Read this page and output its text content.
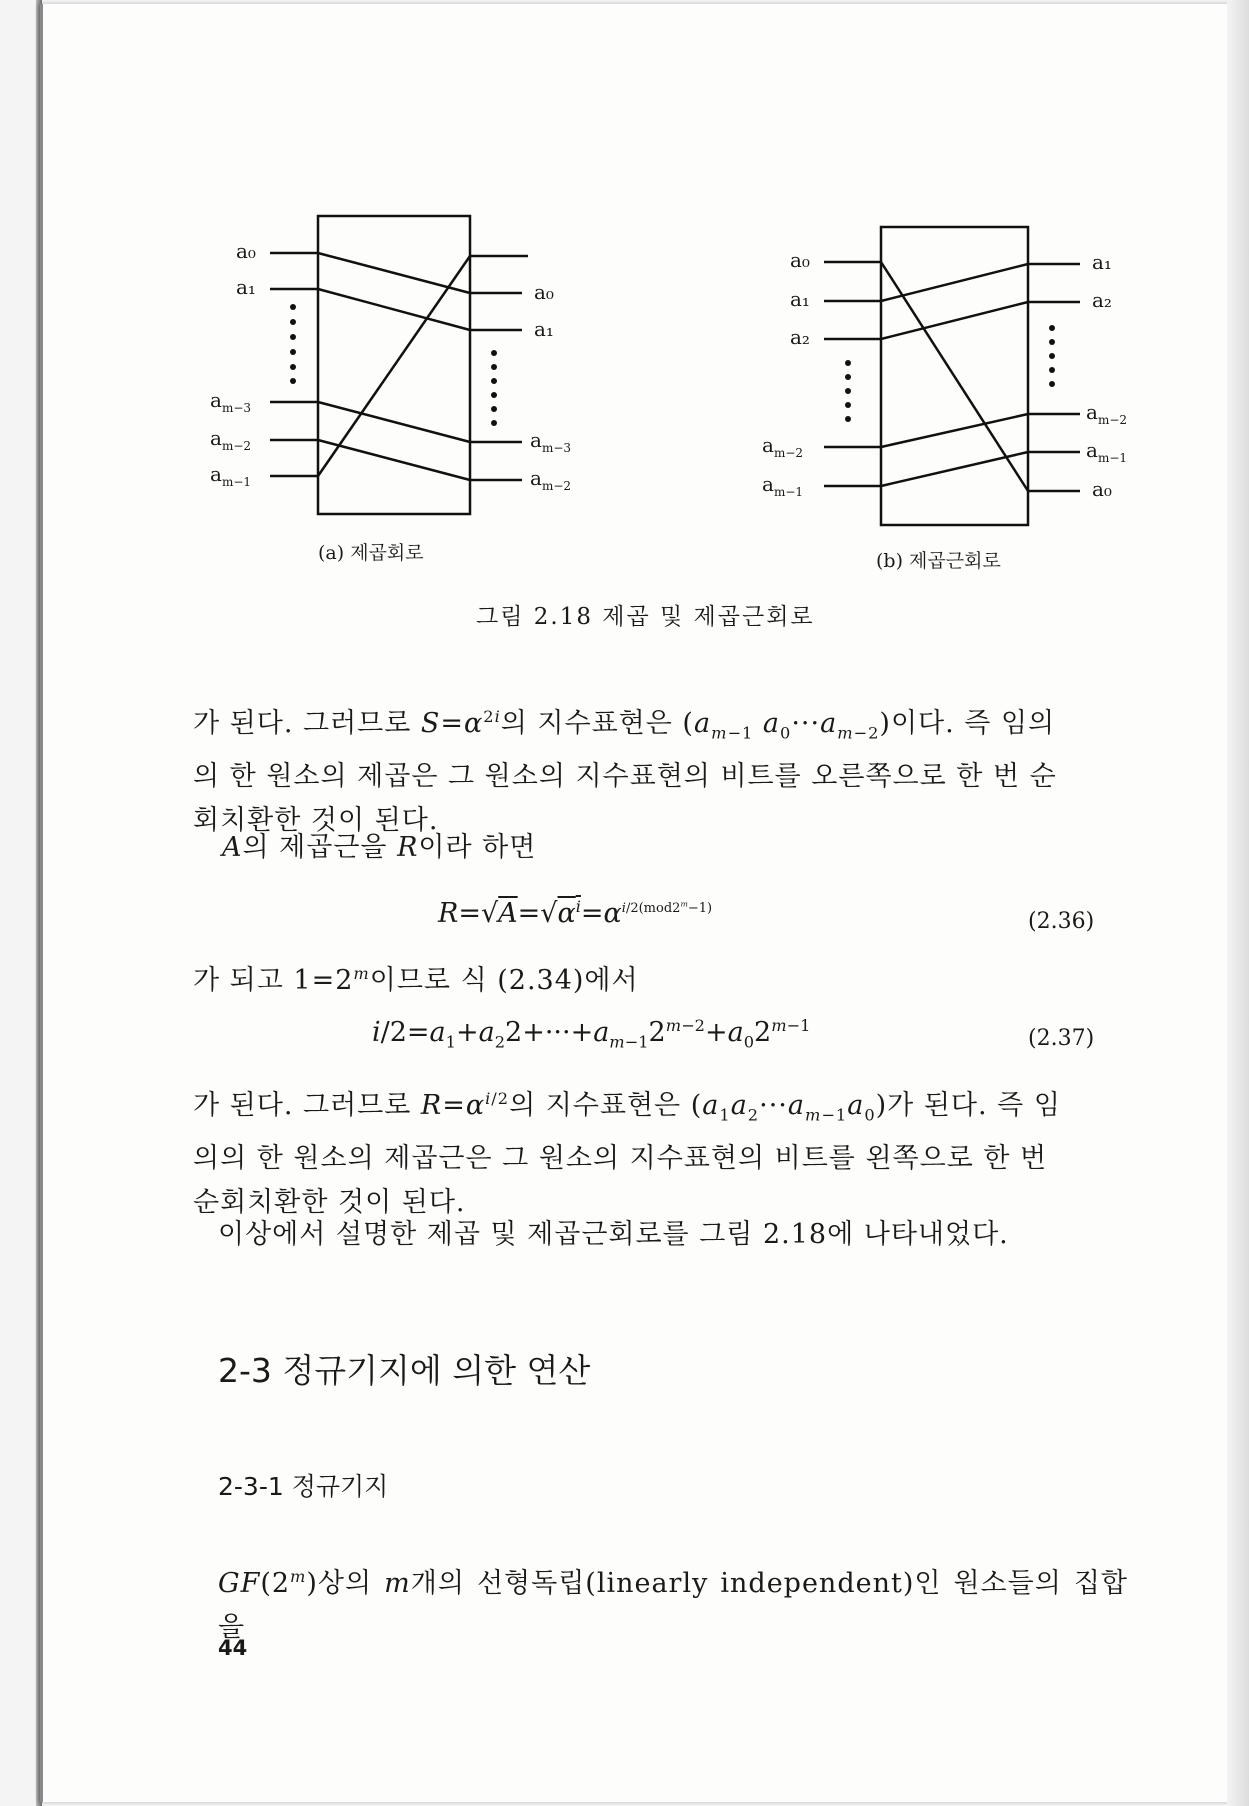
a₀
a₁
$a_{m-3}$
$a_{m-2}$
$a_{m-1}$
a₀
a₁
$a_{m-3}$
$a_{m-2}$
(a) 제곱회로
a₀
a₁
a₂
$a_{m-2}$
$a_{m-1}$
a₁
a₂
$a_{m-2}$
$a_{m-1}$
a₀
(b) 제곱근회로
그림 2.18 제곱 및 제곱근회로
가 된다. 그러므로 $S=\alpha^{2i}$의 지수표현은 ($a_{m-1}$ $a_0\cdot\cdot\cdot a_{m-2}$)이다. 즉 임의
의 한 원소의 제곱은 그 원소의 지수표현의 비트를 오른쪽으로 한 번 순
회치환한 것이 된다.
A의 제곱근을 R이라 하면
$R=√A=√\alpha^i=\alpha^{i/2(mod2^m-1)}$
(2.36)
가 되고 $1=2^m$이므로 식 (2.34)에서
$i/2=a_1+a_22+\cdot\cdot\cdot+a_{m-1}2^{m-2}+a_02^{m-1}$
(2.37)
가 된다. 그러므로 $R=\alpha^{i/2}$의 지수표현은 $(a_1a_2\cdot\cdot\cdot a_{m-1}a_0)$가 된다. 즉 임
의의 한 원소의 제곱근은 그 원소의 지수표현의 비트를 왼쪽으로 한 번
순회치환한 것이 된다.
이상에서 설명한 제곱 및 제곱근회로를 그림 2.18에 나타내었다.
2-3 정규기지에 의한 연산
2-3-1 정규기지
GF(2$^m$)상의 m개의 선형독립(linearly independent)인 원소들의 집합을
44
